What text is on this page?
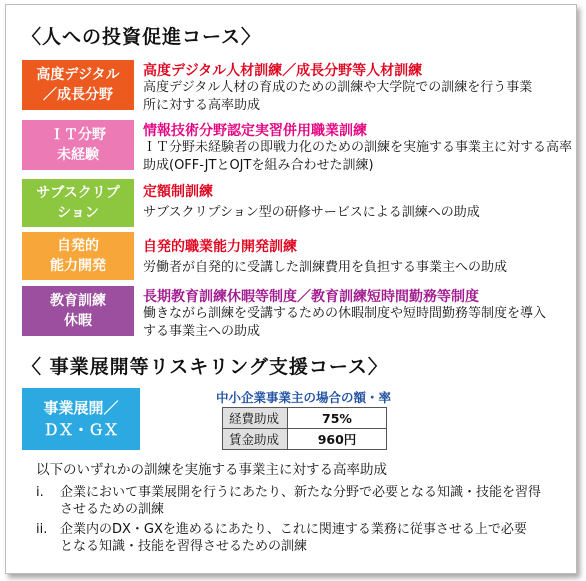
〈人への投資促進コース〉
高度デジタル
／成長分野
高度デジタル人材訓練／成長分野等人材訓練
高度デジタル人材の育成のための訓練や大学院での訓練を行う事業所に対する高率助成
ＩＴ分野
未経験
情報技術分野認定実習併用職業訓練
ＩＴ分野未経験者の即戦力化のための訓練を実施する事業主に対する高率助成(OFF-JTとOJTを組み合わせた訓練)
サブスクリプ
ション
定額制訓練
サブスクリプション型の研修サービスによる訓練への助成
自発的
能力開発
自発的職業能力開発訓練
労働者が自発的に受講した訓練費用を負担する事業主への助成
教育訓練
休暇
長期教育訓練休暇等制度／教育訓練短時間勤務等制度
働きながら訓練を受講するための休暇制度や短時間勤務等制度を導入する事業主への助成
〈 事業展開等リスキリング支援コース〉
事業展開／
ＤＸ・ＧＸ
中小企業事業主の場合の額・率
経費助成	75%
賃金助成	960円
以下のいずれかの訓練を実施する事業主に対する高率助成
i. 企業において事業展開を行うにあたり、新たな分野で必要となる知識・技能を習得
させるための訓練
ii. 企業内のDX・GXを進めるにあたり、これに関連する業務に従事させる上で必要
となる知識・技能を習得させるための訓練
